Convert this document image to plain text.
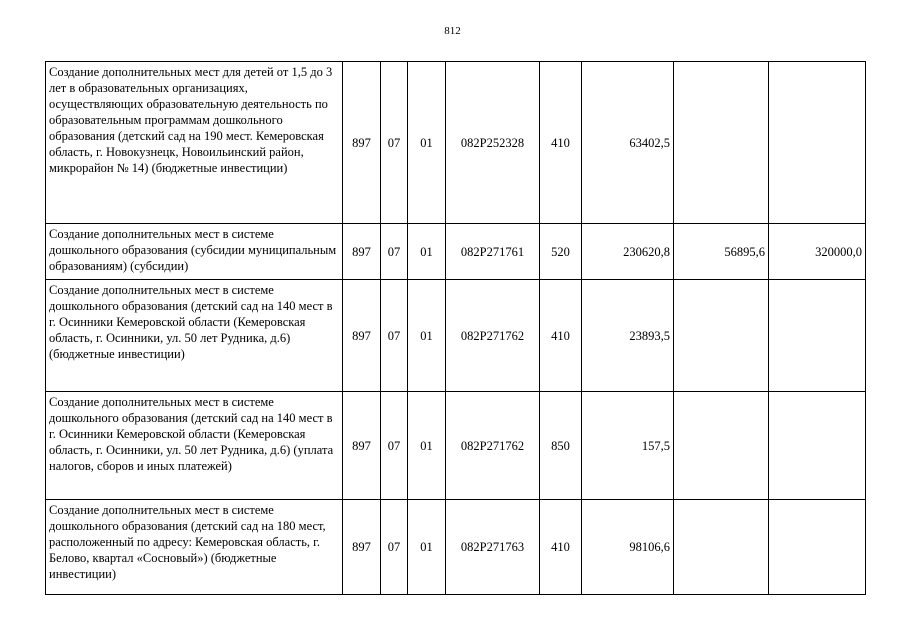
812
Создание дополнительных мест для детей от 1,5 до 3 лет в образовательных организациях, осуществляющих образовательную деятельность по образовательным программам дошкольного образования (детский сад на 190 мест. Кемеровская область, г. Новокузнецк, Новоильинский район, микрорайон № 14) (бюджетные инвестиции)	897	07	01	082P252328	410	63402,5		
Создание дополнительных мест в системе дошкольного образования (субсидии муниципальным образованиям) (субсидии)	897	07	01	082P271761	520	230620,8	56895,6	320000,0
Создание дополнительных мест в системе дошкольного образования (детский сад на 140 мест в г. Осинники Кемеровской области (Кемеровская область, г. Осинники, ул. 50 лет Рудника, д.6) (бюджетные инвестиции)	897	07	01	082P271762	410	23893,5		
Создание дополнительных мест в системе дошкольного образования (детский сад на 140 мест в г. Осинники Кемеровской области (Кемеровская область, г. Осинники, ул. 50 лет Рудника, д.6) (уплата налогов, сборов и иных платежей)	897	07	01	082P271762	850	157,5		
Создание дополнительных мест в системе дошкольного образования (детский сад на 180 мест, расположенный по адресу: Кемеровская область, г. Белово, квартал «Сосновый») (бюджетные инвестиции)	897	07	01	082P271763	410	98106,6		
